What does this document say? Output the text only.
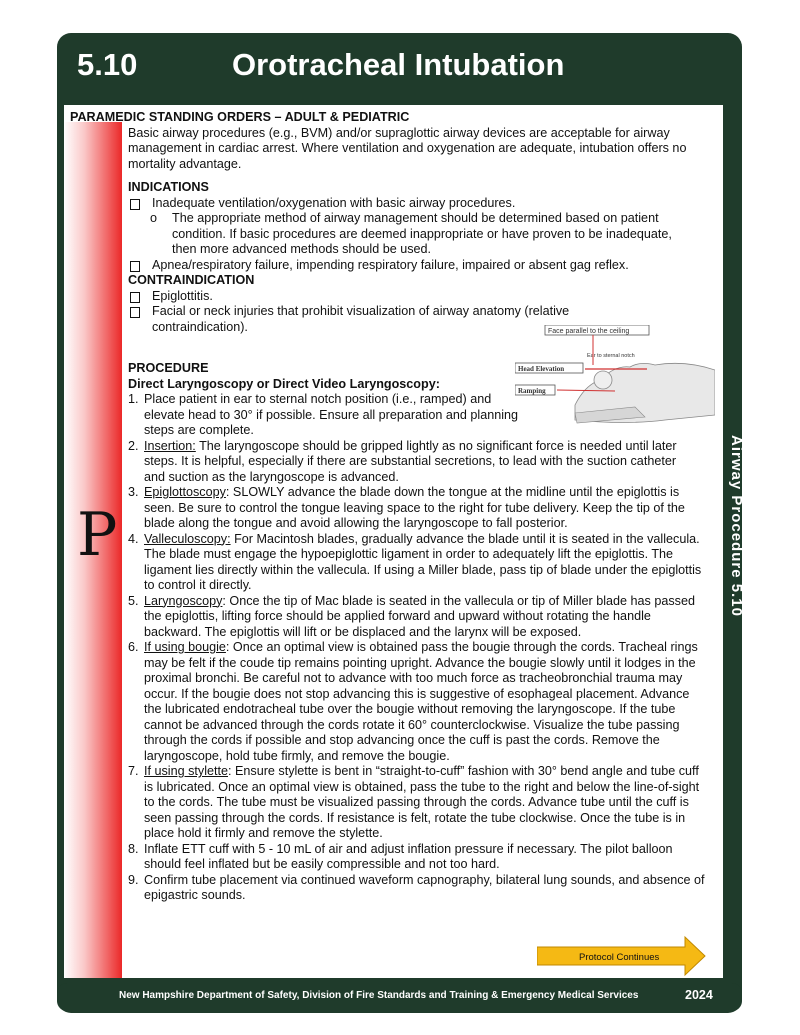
5.10	Orotracheal Intubation
Airway Procedure 5.10
P
PARAMEDIC STANDING ORDERS – ADULT & PEDIATRIC
Basic airway procedures (e.g., BVM) and/or supraglottic airway devices are acceptable for airway management in cardiac arrest. Where ventilation and oxygenation are adequate, intubation offers no mortality advantage.
INDICATIONS
Inadequate ventilation/oxygenation with basic airway procedures.
o	The appropriate method of airway management should be determined based on patient condition. If basic procedures are deemed inappropriate or have proven to be inadequate, then more advanced methods should be used.
Apnea/respiratory failure, impending respiratory failure, impaired or absent gag reflex.
CONTRAINDICATION
Epiglottitis.
Facial or neck injuries that prohibit visualization of airway anatomy (relative contraindication).
PROCEDURE
Direct Laryngoscopy or Direct Video Laryngoscopy:
1. Place patient in ear to sternal notch position (i.e., ramped) and elevate head to 30° if possible. Ensure all preparation and planning steps are complete.
2. Insertion: The laryngoscope should be gripped lightly as no significant force is needed until later steps. It is helpful, especially if there are substantial secretions, to lead with the suction catheter and suction as the laryngoscope is advanced.
3. Epiglottoscopy: SLOWLY advance the blade down the tongue at the midline until the epiglottis is seen. Be sure to control the tongue leaving space to the right for tube delivery. Keep the tip of the blade along the tongue and avoid allowing the laryngoscope to fall posterior.
4. Valleculoscopy: For Macintosh blades, gradually advance the blade until it is seated in the vallecula. The blade must engage the hypoepiglottic ligament in order to adequately lift the epiglottis. The ligament lies directly within the vallecula. If using a Miller blade, pass tip of blade under the epiglottis to control it directly.
5. Laryngoscopy: Once the tip of Mac blade is seated in the vallecula or tip of Miller blade has passed the epiglottis, lifting force should be applied forward and upward without rotating the handle backward. The epiglottis will lift or be displaced and the larynx will be exposed.
6. If using bougie: Once an optimal view is obtained pass the bougie through the cords. Tracheal rings may be felt if the coude tip remains pointing upright. Advance the bougie slowly until it lodges in the proximal bronchi. Be careful not to advance with too much force as tracheobronchial trauma may occur. If the bougie does not stop advancing this is suggestive of esophageal placement. Advance the lubricated endotracheal tube over the bougie without removing the laryngoscope. If the tube cannot be advanced through the cords rotate it 60° counterclockwise. Visualize the tube passing through the cords if possible and stop advancing once the cuff is past the cords. Remove the laryngoscope, hold tube firmly, and remove the bougie.
7. If using stylette: Ensure stylette is bent in “straight-to-cuff” fashion with 30° bend angle and tube cuff is lubricated. Once an optimal view is obtained, pass the tube to the right and below the line-of-sight to the cords. The tube must be visualized passing through the cords. Advance tube until the cuff is seen passing through the cords. If resistance is felt, rotate the tube clockwise. Once the tube is in place hold it firmly and remove the stylette.
8. Inflate ETT cuff with 5 - 10 mL of air and adjust inflation pressure if necessary. The pilot balloon should feel inflated but be easily compressible and not too hard.
9. Confirm tube placement via continued waveform capnography, bilateral lung sounds, and absence of epigastric sounds.
Face parallel to the ceiling
Head Elevation
Ramping
Ear to sternal notch
Protocol Continues
New Hampshire Department of Safety, Division of Fire Standards and Training & Emergency Medical Services	2024
